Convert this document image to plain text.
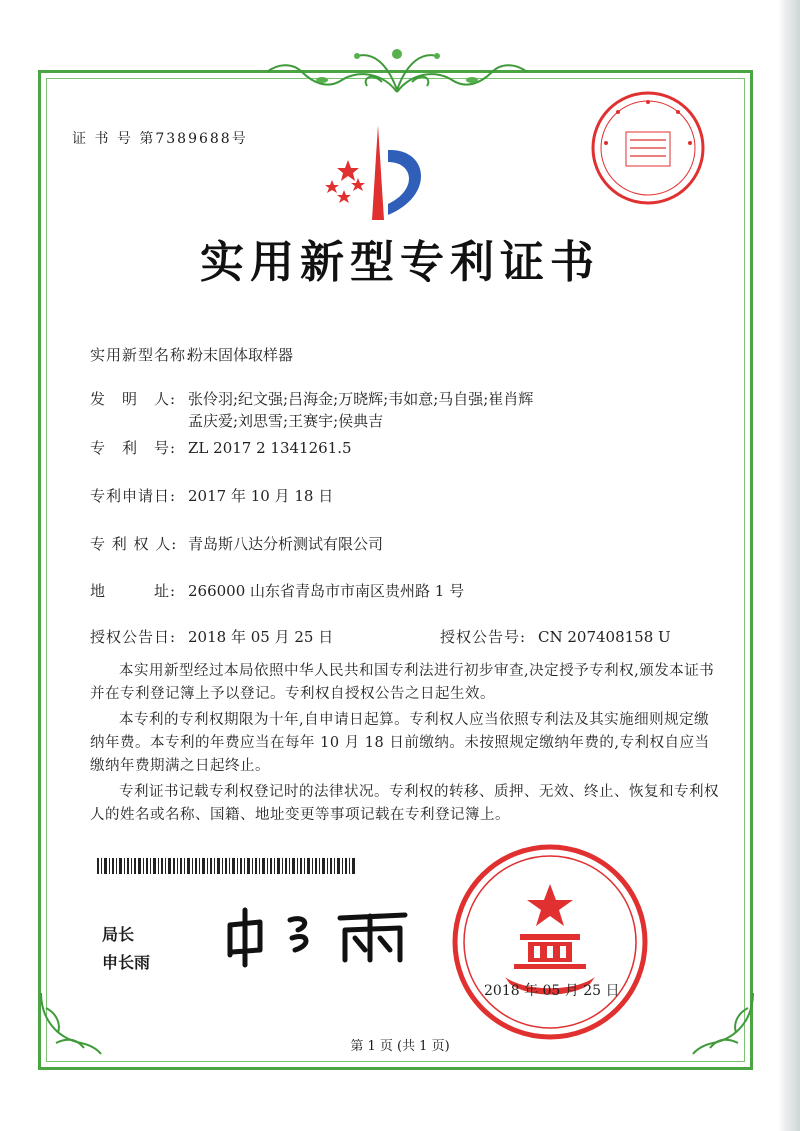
证 书 号 第7389688号
实用新型专利证书
实用新型名称:粉末固体取样器
发　明　人: 张伶羽;纪文强;吕海金;万晓辉;韦如意;马自强;崔肖辉
孟庆爱;刘思雪;王赛宇;侯典吉
专　利　号: ZL 2017 2 1341261.5
专利申请日: 2017 年 10 月 18 日
专 利 权 人: 青岛斯八达分析测试有限公司
地　　　址: 266000 山东省青岛市市南区贵州路 1 号
授权公告日: 2018 年 05 月 25 日	授权公告号: CN 207408158 U
本实用新型经过本局依照中华人民共和国专利法进行初步审查,决定授予专利权,颁发本证书并在专利登记簿上予以登记。专利权自授权公告之日起生效。
本专利的专利权期限为十年,自申请日起算。专利权人应当依照专利法及其实施细则规定缴纳年费。本专利的年费应当在每年 10 月 18 日前缴纳。未按照规定缴纳年费的,专利权自应当缴纳年费期满之日起终止。
专利证书记载专利权登记时的法律状况。专利权的转移、质押、无效、终止、恢复和专利权人的姓名或名称、国籍、地址变更等事项记载在专利登记簿上。
局长
申长雨
2018 年 05 月 25 日
第 1 页 (共 1 页)
